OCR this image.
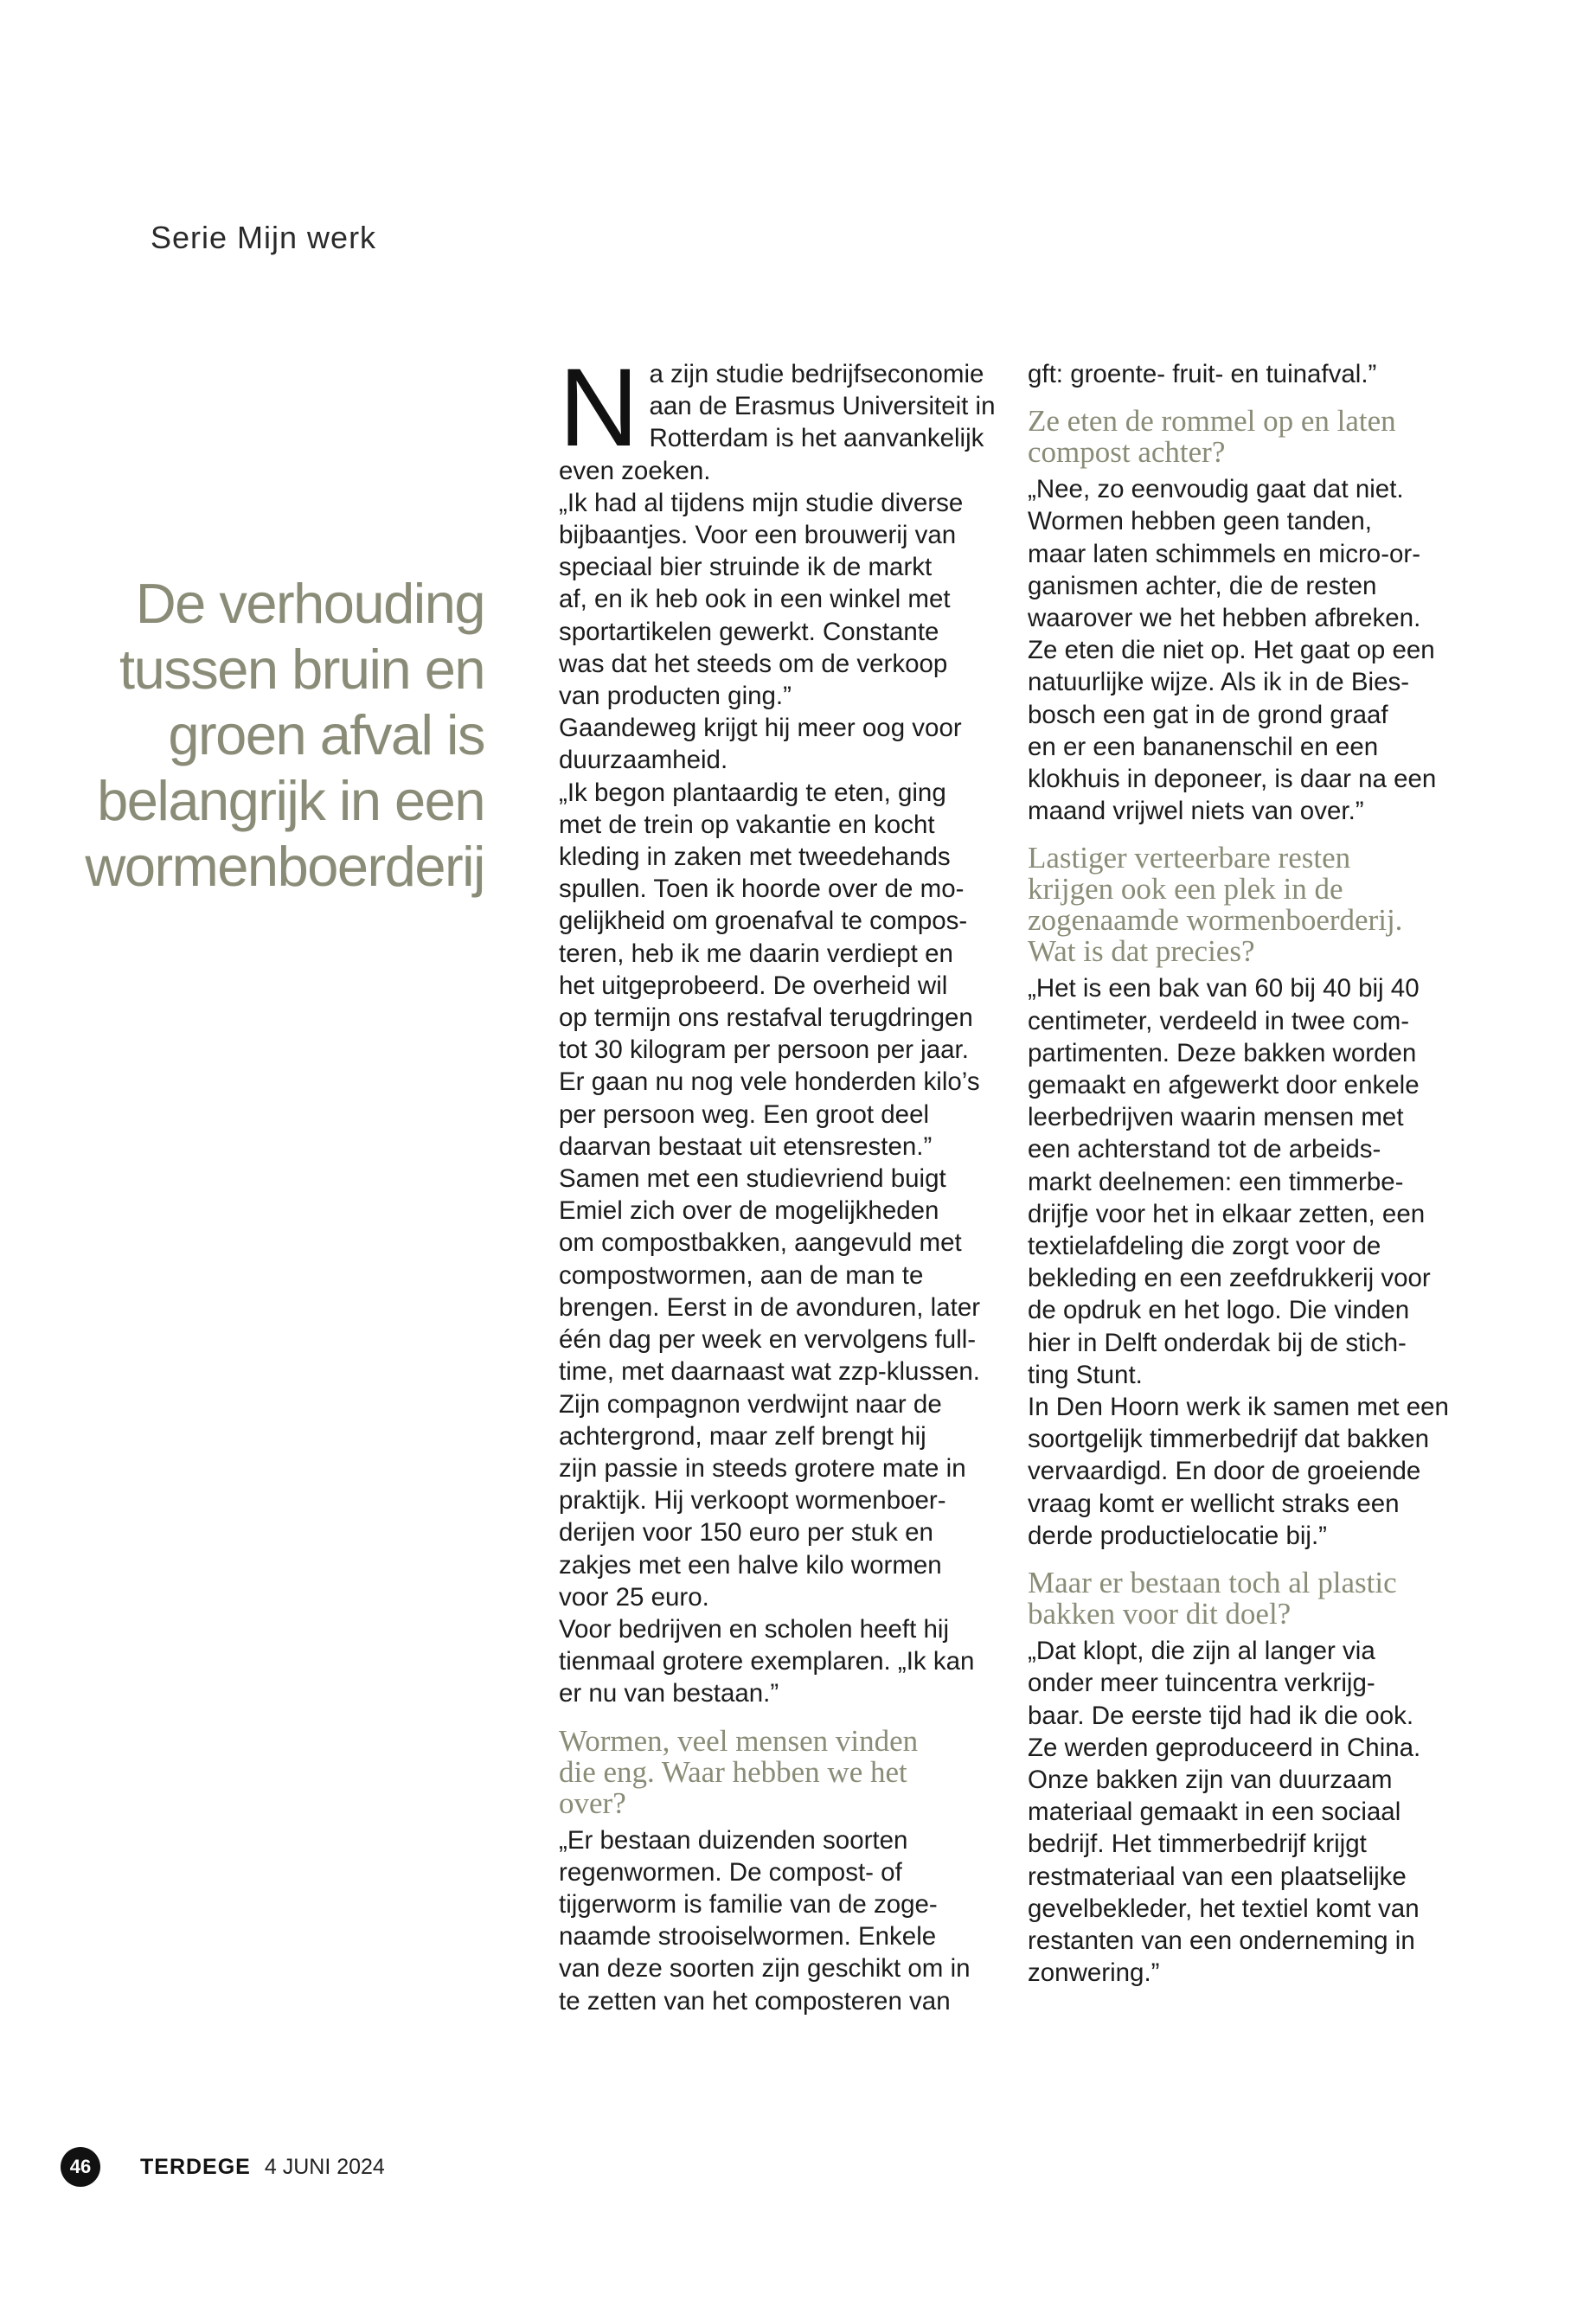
Serie Mijn werk
De verhouding
tussen bruin en
groen afval is
belangrijk in een
wormenboerderij
N a zijn studie bedrijfseconomie
aan de Erasmus Universiteit in
Rotterdam is het aanvankelijk
even zoeken.
„Ik had al tijdens mijn studie diverse
bijbaantjes. Voor een brouwerij van
speciaal bier struinde ik de markt
af, en ik heb ook in een winkel met
sportartikelen gewerkt. Constante
was dat het steeds om de verkoop
van producten ging.”
Gaandeweg krijgt hij meer oog voor
duurzaamheid.
„Ik begon plantaardig te eten, ging
met de trein op vakantie en kocht
kleding in zaken met tweedehands
spullen. Toen ik hoorde over de mo-
gelijkheid om groenafval te compos-
teren, heb ik me daarin verdiept en
het uitgeprobeerd. De overheid wil
op termijn ons restafval terugdringen
tot 30 kilogram per persoon per jaar.
Er gaan nu nog vele honderden kilo’s
per persoon weg. Een groot deel
daarvan bestaat uit etensresten.”
Samen met een studievriend buigt
Emiel zich over de mogelijkheden
om compostbakken, aangevuld met
compostwormen, aan de man te
brengen. Eerst in de avonduren, later
één dag per week en vervolgens full-
time, met daarnaast wat zzp-klussen.
Zijn compagnon verdwijnt naar de
achtergrond, maar zelf brengt hij
zijn passie in steeds grotere mate in
praktijk. Hij verkoopt wormenboer-
derijen voor 150 euro per stuk en
zakjes met een halve kilo wormen
voor 25 euro.
Voor bedrijven en scholen heeft hij
tienmaal grotere exemplaren. „Ik kan
er nu van bestaan.”
Wormen, veel mensen vinden
die eng. Waar hebben we het
over?
„Er bestaan duizenden soorten
regenwormen. De compost- of
tijgerworm is familie van de zoge-
naamde strooiselwormen. Enkele
van deze soorten zijn geschikt om in
te zetten van het composteren van
gft: groente- fruit- en tuinafval.”
Ze eten de rommel op en laten
compost achter?
„Nee, zo eenvoudig gaat dat niet.
Wormen hebben geen tanden,
maar laten schimmels en micro-or-
ganismen achter, die de resten
waarover we het hebben afbreken.
Ze eten die niet op. Het gaat op een
natuurlijke wijze. Als ik in de Bies-
bosch een gat in de grond graaf
en er een bananenschil en een
klokhuis in deponeer, is daar na een
maand vrijwel niets van over.”
Lastiger verteerbare resten
krijgen ook een plek in de
zogenaamde wormenboerderij.
Wat is dat precies?
„Het is een bak van 60 bij 40 bij 40
centimeter, verdeeld in twee com-
partimenten. Deze bakken worden
gemaakt en afgewerkt door enkele
leerbedrijven waarin mensen met
een achterstand tot de arbeids-
markt deelnemen: een timmerbe-
drijfje voor het in elkaar zetten, een
textielafdeling die zorgt voor de
bekleding en een zeefdrukkerij voor
de opdruk en het logo. Die vinden
hier in Delft onderdak bij de stich-
ting Stunt.
In Den Hoorn werk ik samen met een
soortgelijk timmerbedrijf dat bakken
vervaardigd. En door de groeiende
vraag komt er wellicht straks een
derde productielocatie bij.”
Maar er bestaan toch al plastic
bakken voor dit doel?
„Dat klopt, die zijn al langer via
onder meer tuincentra verkrijg-
baar. De eerste tijd had ik die ook.
Ze werden geproduceerd in China.
Onze bakken zijn van duurzaam
materiaal gemaakt in een sociaal
bedrijf. Het timmerbedrijf krijgt
restmateriaal van een plaatselijke
gevelbekleder, het textiel komt van
restanten van een onderneming in
zonwering.”
46	TERDEGE 4 JUNI 2024
